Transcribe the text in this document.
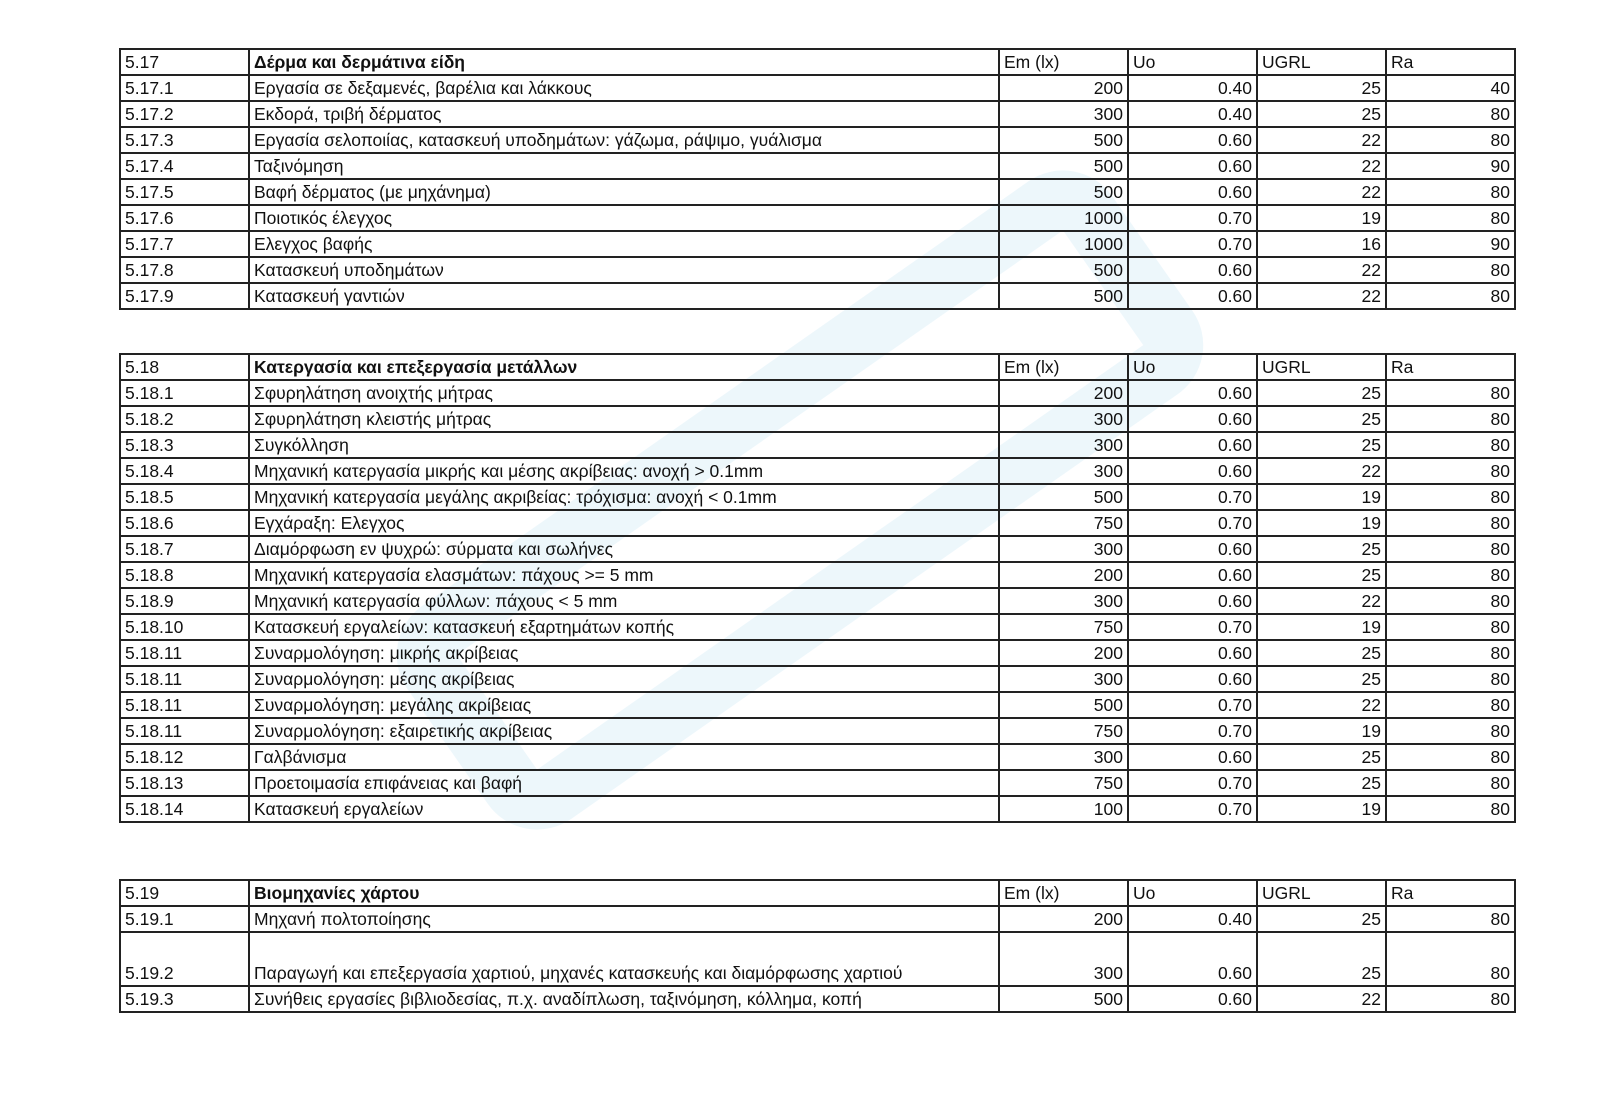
5.17	Δέρμα και δερμάτινα είδη	Em (lx)	Uo	UGRL	Ra
5.17.1	Εργασία σε δεξαμενές, βαρέλια και λάκκους	200	0.40	25	40
5.17.2	Εκδορά, τριβή δέρματος	300	0.40	25	80
5.17.3	Εργασία σελοποιίας, κατασκευή υποδημάτων: γάζωμα, ράψιμο, γυάλισμα	500	0.60	22	80
5.17.4	Ταξινόμηση	500	0.60	22	90
5.17.5	Βαφή δέρματος (με μηχάνημα)	500	0.60	22	80
5.17.6	Ποιοτικός έλεγχος	1000	0.70	19	80
5.17.7	Ελεγχος βαφής	1000	0.70	16	90
5.17.8	Κατασκευή υποδημάτων	500	0.60	22	80
5.17.9	Κατασκευή γαντιών	500	0.60	22	80
5.18	Κατεργασία και επεξεργασία μετάλλων	Em (lx)	Uo	UGRL	Ra
5.18.1	Σφυρηλάτηση ανοιχτής μήτρας	200	0.60	25	80
5.18.2	Σφυρηλάτηση κλειστής μήτρας	300	0.60	25	80
5.18.3	Συγκόλληση	300	0.60	25	80
5.18.4	Μηχανική κατεργασία μικρής και μέσης ακρίβειας: ανοχή > 0.1mm	300	0.60	22	80
5.18.5	Μηχανική κατεργασία μεγάλης ακριβείας: τρόχισμα: ανοχή < 0.1mm	500	0.70	19	80
5.18.6	Εγχάραξη: Ελεγχος	750	0.70	19	80
5.18.7	Διαμόρφωση εν ψυχρώ: σύρματα και σωλήνες	300	0.60	25	80
5.18.8	Μηχανική κατεργασία ελασμάτων: πάχους >= 5 mm	200	0.60	25	80
5.18.9	Μηχανική κατεργασία φύλλων: πάχους < 5 mm	300	0.60	22	80
5.18.10	Κατασκευή εργαλείων: κατασκευή εξαρτημάτων κοπής	750	0.70	19	80
5.18.11	Συναρμολόγηση: μικρής ακρίβειας	200	0.60	25	80
5.18.11	Συναρμολόγηση: μέσης ακρίβειας	300	0.60	25	80
5.18.11	Συναρμολόγηση: μεγάλης ακρίβειας	500	0.70	22	80
5.18.11	Συναρμολόγηση: εξαιρετικής ακρίβειας	750	0.70	19	80
5.18.12	Γαλβάνισμα	300	0.60	25	80
5.18.13	Προετοιμασία επιφάνειας και βαφή	750	0.70	25	80
5.18.14	Κατασκευή εργαλείων	100	0.70	19	80
5.19	Βιομηχανίες χάρτου	Em (lx)	Uo	UGRL	Ra
5.19.1	Μηχανή πολτοποίησης	200	0.40	25	80
5.19.2	Παραγωγή και επεξεργασία χαρτιού, μηχανές κατασκευής και διαμόρφωσης χαρτιού	300	0.60	25	80
5.19.3	Συνήθεις εργασίες βιβλιοδεσίας, π.χ. αναδίπλωση, ταξινόμηση, κόλλημα, κοπή	500	0.60	22	80
